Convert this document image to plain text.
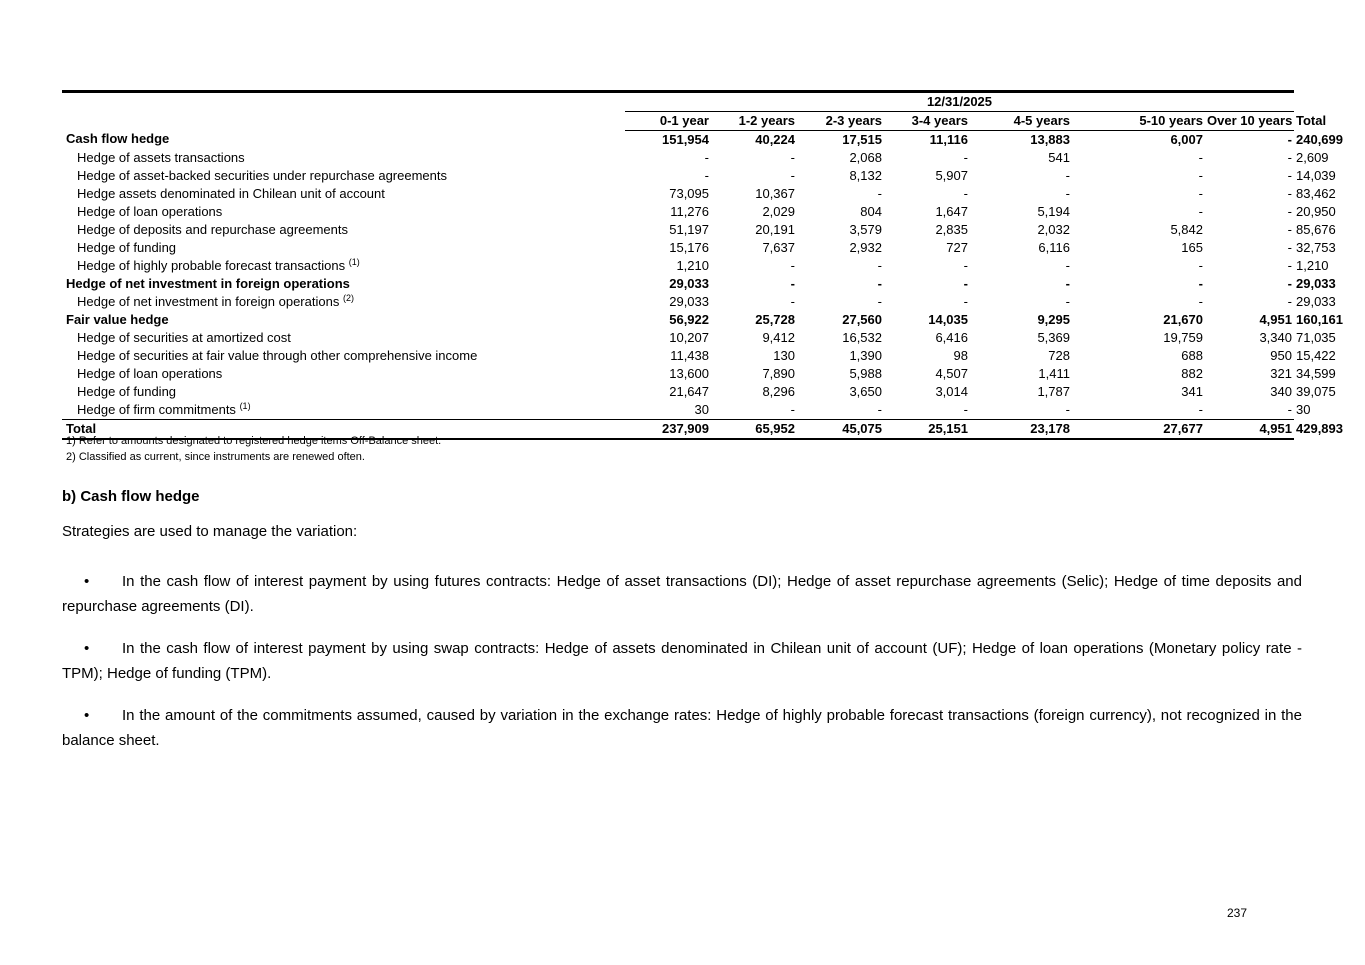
		12/31/2025							
		0-1 year	1-2 years	2-3 years	3-4 years	4-5 years	5-10 years	Over 10 years	Total
Cash flow hedge		151,954	40,224	17,515	11,116	13,883	6,007	-	240,699
Hedge of assets transactions		-	-	2,068	-	541	-	-	2,609
Hedge of asset-backed securities under repurchase agreements		-	-	8,132	5,907	-	-	-	14,039
Hedge assets denominated in Chilean unit of account		73,095	10,367	-	-	-	-	-	83,462
Hedge of loan operations		11,276	2,029	804	1,647	5,194	-	-	20,950
Hedge of deposits and repurchase agreements		51,197	20,191	3,579	2,835	2,032	5,842	-	85,676
Hedge of funding		15,176	7,637	2,932	727	6,116	165	-	32,753
Hedge of highly probable forecast transactions $^{(1)}$		1,210	-	-	-	-	-	-	1,210
Hedge of net investment in foreign operations		29,033	-	-	-	-	-	-	29,033
Hedge of net investment in foreign operations $^{(2)}$		29,033	-	-	-	-	-	-	29,033
Fair value hedge		56,922	25,728	27,560	14,035	9,295	21,670	4,951	160,161
Hedge of securities at amortized cost		10,207	9,412	16,532	6,416	5,369	19,759	3,340	71,035
Hedge of securities at fair value through other comprehensive income		11,438	130	1,390	98	728	688	950	15,422
Hedge of loan operations		13,600	7,890	5,988	4,507	1,411	882	321	34,599
Hedge of funding		21,647	8,296	3,650	3,014	1,787	341	340	39,075
Hedge of firm commitments $^{(1)}$		30	-	-	-	-	-	-	30
Total		237,909	65,952	45,075	25,151	23,178	27,677	4,951	429,893
1) Refer to amounts designated to registered hedge items Off-Balance sheet.
2) Classified as current, since instruments are renewed often.
b) Cash flow hedge
Strategies are used to manage the variation:

• In the cash flow of interest payment by using futures contracts: Hedge of asset transactions (DI); Hedge of asset repurchase agreements (Selic); Hedge of time deposits and repurchase agreements (DI).

• In the cash flow of interest payment by using swap contracts: Hedge of assets denominated in Chilean unit of account (UF); Hedge of loan operations (Monetary policy rate - TPM); Hedge of funding (TPM).

• In the amount of the commitments assumed, caused by variation in the exchange rates: Hedge of highly probable forecast transactions (foreign currency), not recognized in the balance sheet.

237
